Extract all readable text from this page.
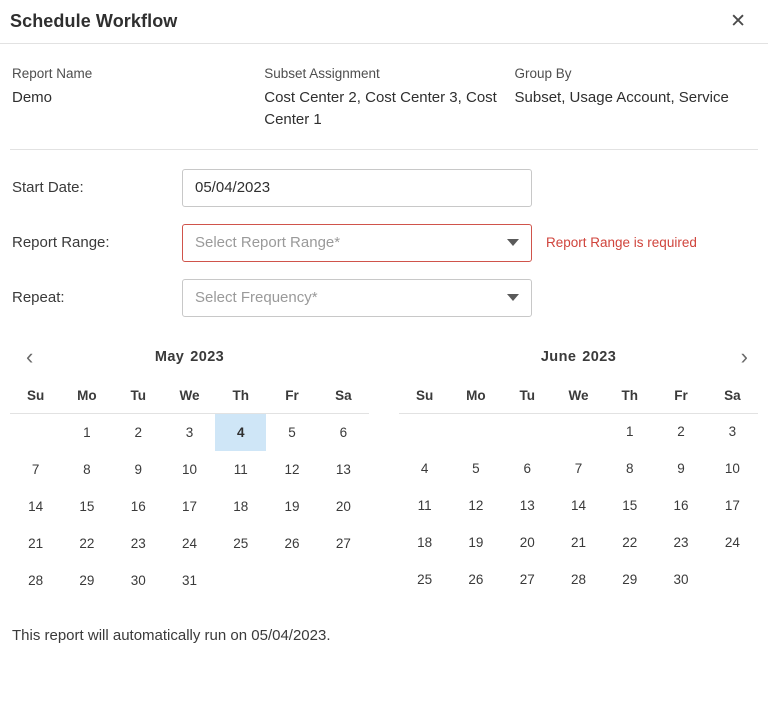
Schedule Workflow	✕
Report Name
Demo
Subset Assignment
Cost Center 2, Cost Center 3, Cost Center 1
Group By
Subset, Usage Account, Service
Start Date:
05/04/2023
Report Range:	Select Report Range*	Report Range is required
Repeat:	Select Frequency*
‹	May 2023
Su	Mo	Tu	We	Th	Fr	Sa
	1	2	3	4	5	6
7	8	9	10	11	12	13
14	15	16	17	18	19	20
21	22	23	24	25	26	27
28	29	30	31			
June 2023	›
Su	Mo	Tu	We	Th	Fr	Sa
				1	2	3
4	5	6	7	8	9	10
11	12	13	14	15	16	17
18	19	20	21	22	23	24
25	26	27	28	29	30	
This report will automatically run on 05/04/2023.
